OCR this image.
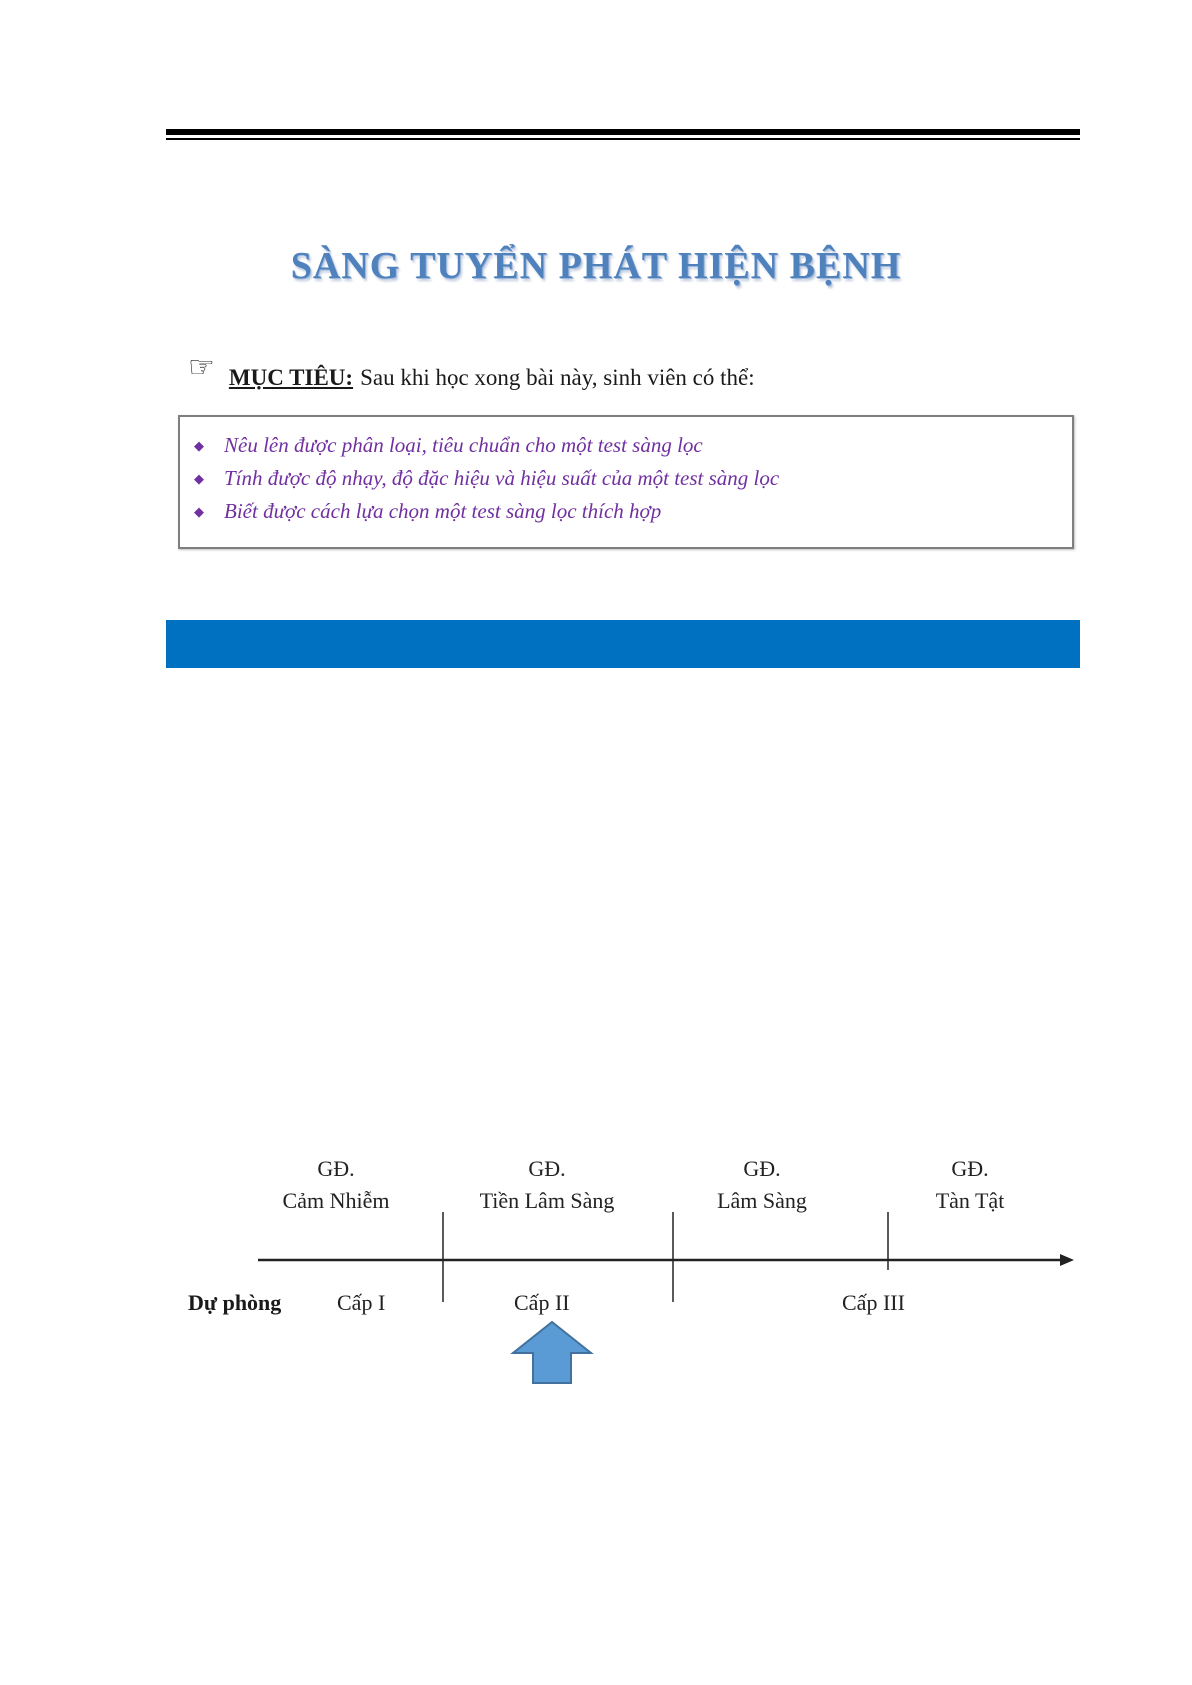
SÀNG TUYỂN PHÁT HIỆN BỆNH
☞ MỤC TIÊU: Sau khi học xong bài này, sinh viên có thể:
◆ Nêu lên được phân loại, tiêu chuẩn cho một test sàng lọc
◆ Tính được độ nhạy, độ đặc hiệu và hiệu suất của một test sàng lọc
◆ Biết được cách lựa chọn một test sàng lọc thích hợp
GĐ.
Cảm Nhiễm
GĐ.
Tiền Lâm Sàng
GĐ.
Lâm Sàng
GĐ.
Tàn Tật
Dự phòng	Cấp I	Cấp II	Cấp III
